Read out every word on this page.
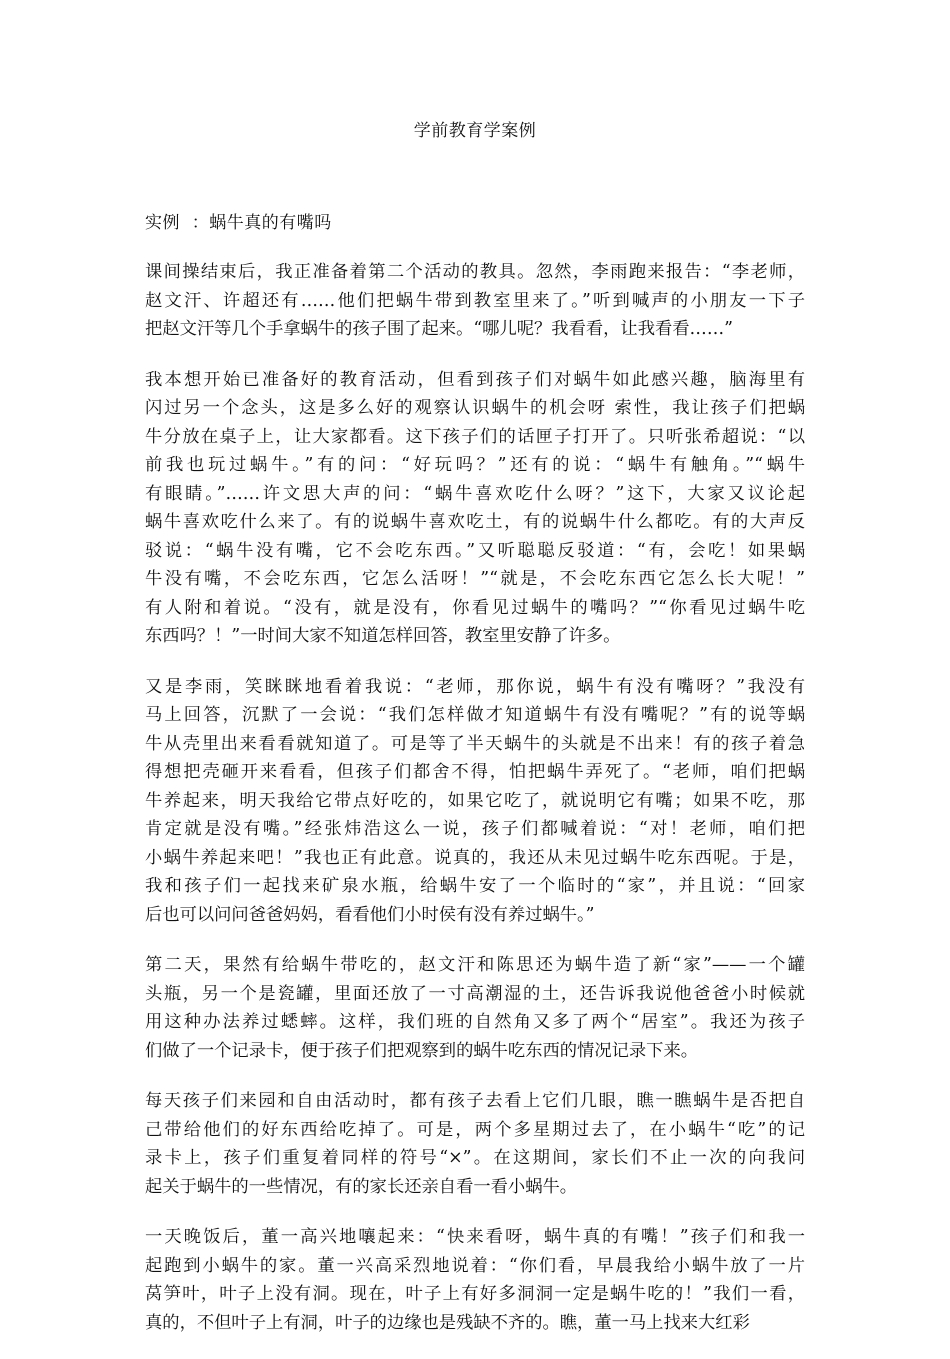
学前教育学案例
实例  ：蜗牛真的有嘴吗
课间操结束后，我正准备着第二个活动的教具。忽然，李雨跑来报告：“李老师，
赵文汗、许超还有……他们把蜗牛带到教室里来了。”听到喊声的小朋友一下子
把赵文汗等几个手拿蜗牛的孩子围了起来。“哪儿呢？我看看，让我看看……”
我本想开始已准备好的教育活动，但看到孩子们对蜗牛如此感兴趣，脑海里有
闪过另一个念头，这是多么好的观察认识蜗牛的机会呀 索性，我让孩子们把蜗
牛分放在桌子上，让大家都看。这下孩子们的话匣子打开了。只听张希超说：“以
前我也玩过蜗牛。”有的问：“好玩吗？”还有的说：“蜗牛有触角。”“蜗牛
有眼睛。”……许文思大声的问：“蜗牛喜欢吃什么呀？”这下，大家又议论起
蜗牛喜欢吃什么来了。有的说蜗牛喜欢吃土，有的说蜗牛什么都吃。有的大声反
驳说：“蜗牛没有嘴，它不会吃东西。”又听聪聪反驳道：“有，会吃！如果蜗
牛没有嘴，不会吃东西，它怎么活呀！”“就是，不会吃东西它怎么长大呢！”
有人附和着说。“没有，就是没有，你看见过蜗牛的嘴吗？”“你看见过蜗牛吃
东西吗？！”一时间大家不知道怎样回答，教室里安静了许多。
又是李雨，笑眯眯地看着我说：“老师，那你说，蜗牛有没有嘴呀？”我没有
马上回答，沉默了一会说：“我们怎样做才知道蜗牛有没有嘴呢？”有的说等蜗
牛从壳里出来看看就知道了。可是等了半天蜗牛的头就是不出来！有的孩子着急
得想把壳砸开来看看，但孩子们都舍不得，怕把蜗牛弄死了。“老师，咱们把蜗
牛养起来，明天我给它带点好吃的，如果它吃了，就说明它有嘴；如果不吃，那
肯定就是没有嘴。”经张炜浩这么一说，孩子们都喊着说：“对！老师，咱们把
小蜗牛养起来吧！”我也正有此意。说真的，我还从未见过蜗牛吃东西呢。于是，
我和孩子们一起找来矿泉水瓶，给蜗牛安了一个临时的“家”，并且说：“回家
后也可以问问爸爸妈妈，看看他们小时侯有没有养过蜗牛。”
第二天，果然有给蜗牛带吃的，赵文汗和陈思还为蜗牛造了新“家”——一个罐
头瓶，另一个是瓷罐，里面还放了一寸高潮湿的土，还告诉我说他爸爸小时候就
用这种办法养过蟋蟀。这样，我们班的自然角又多了两个“居室”。我还为孩子
们做了一个记录卡，便于孩子们把观察到的蜗牛吃东西的情况记录下来。
每天孩子们来园和自由活动时，都有孩子去看上它们几眼，瞧一瞧蜗牛是否把自
己带给他们的好东西给吃掉了。可是，两个多星期过去了，在小蜗牛“吃”的记
录卡上，孩子们重复着同样的符号“×”。在这期间，家长们不止一次的向我问
起关于蜗牛的一些情况，有的家长还亲自看一看小蜗牛。
一天晚饭后，董一高兴地嚷起来：“快来看呀，蜗牛真的有嘴！”孩子们和我一
起跑到小蜗牛的家。董一兴高采烈地说着：“你们看，早晨我给小蜗牛放了一片
莴笋叶，叶子上没有洞。现在，叶子上有好多洞洞一定是蜗牛吃的！”我们一看，
真的，不但叶子上有洞，叶子的边缘也是残缺不齐的。瞧，董一马上找来大红彩
